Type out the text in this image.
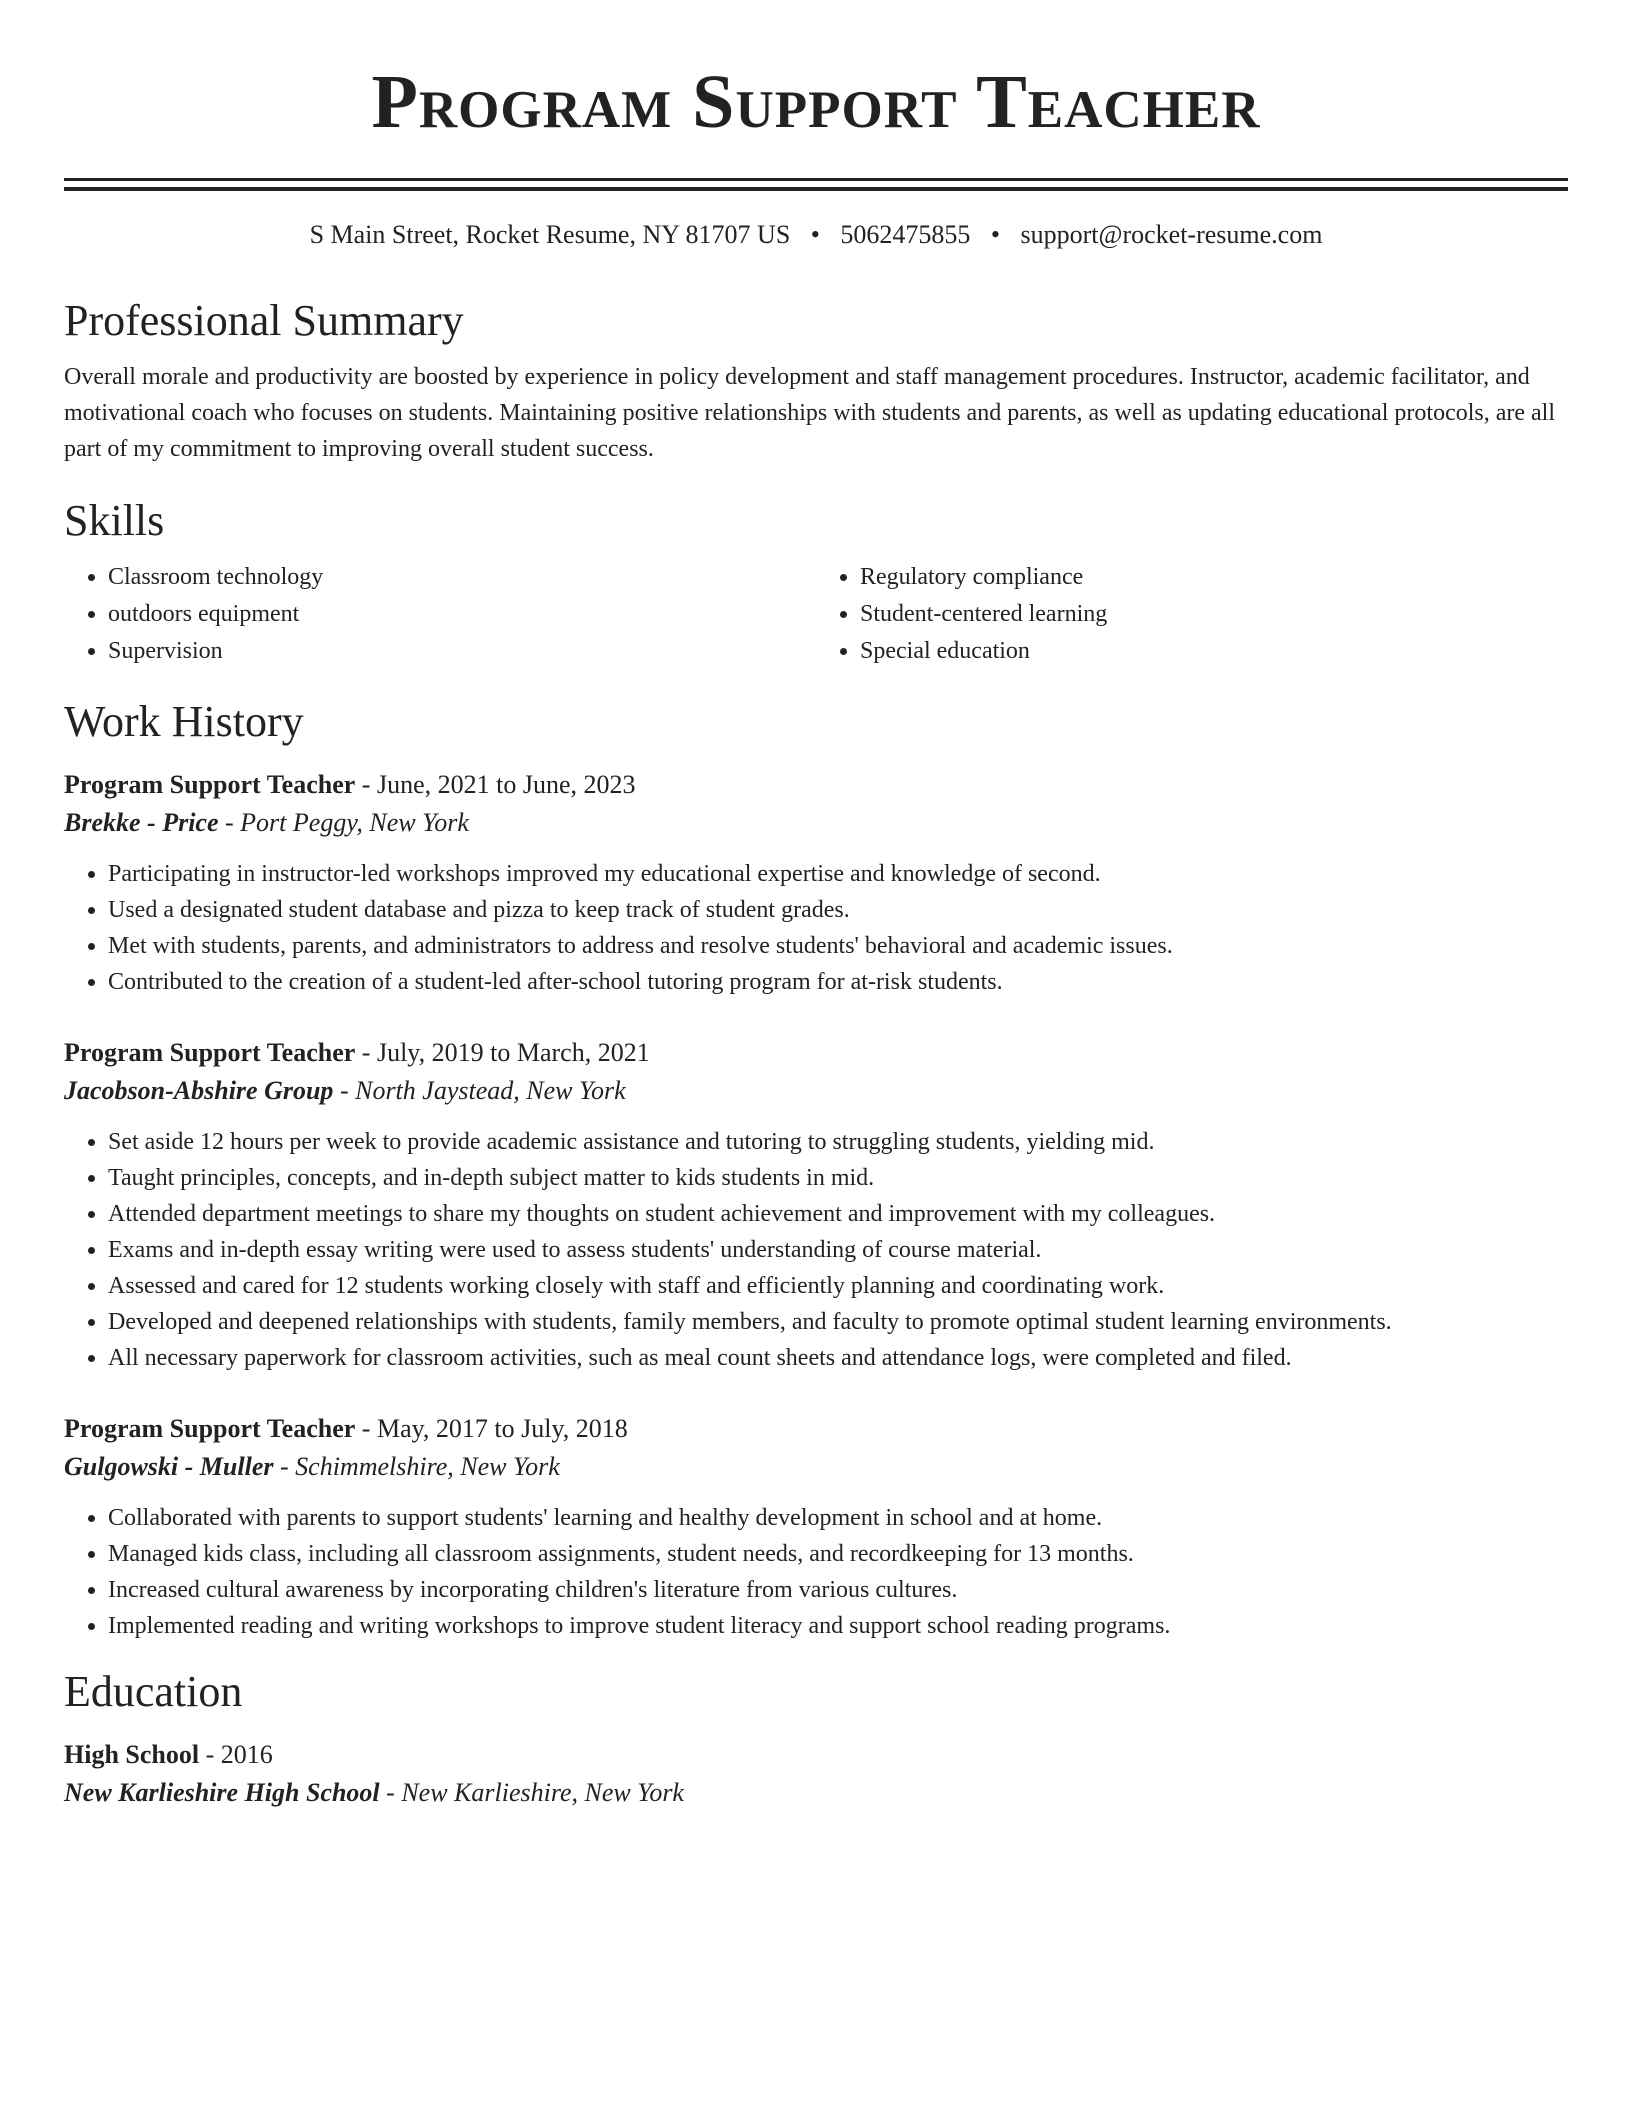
Program Support Teacher
S Main Street, Rocket Resume, NY 81707 US • 5062475855 • support@rocket-resume.com
Professional Summary
Overall morale and productivity are boosted by experience in policy development and staff management procedures. Instructor, academic facilitator, and motivational coach who focuses on students. Maintaining positive relationships with students and parents, as well as updating educational protocols, are all part of my commitment to improving overall student success.
Skills
• Classroom technology
• outdoors equipment
• Supervision
• Regulatory compliance
• Student-centered learning
• Special education
Work History
Program Support Teacher - June, 2021 to June, 2023
Brekke - Price - Port Peggy, New York
• Participating in instructor-led workshops improved my educational expertise and knowledge of second.
• Used a designated student database and pizza to keep track of student grades.
• Met with students, parents, and administrators to address and resolve students' behavioral and academic issues.
• Contributed to the creation of a student-led after-school tutoring program for at-risk students.
Program Support Teacher - July, 2019 to March, 2021
Jacobson-Abshire Group - North Jaystead, New York
• Set aside 12 hours per week to provide academic assistance and tutoring to struggling students, yielding mid.
• Taught principles, concepts, and in-depth subject matter to kids students in mid.
• Attended department meetings to share my thoughts on student achievement and improvement with my colleagues.
• Exams and in-depth essay writing were used to assess students' understanding of course material.
• Assessed and cared for 12 students working closely with staff and efficiently planning and coordinating work.
• Developed and deepened relationships with students, family members, and faculty to promote optimal student learning environments.
• All necessary paperwork for classroom activities, such as meal count sheets and attendance logs, were completed and filed.
Program Support Teacher - May, 2017 to July, 2018
Gulgowski - Muller - Schimmelshire, New York
• Collaborated with parents to support students' learning and healthy development in school and at home.
• Managed kids class, including all classroom assignments, student needs, and recordkeeping for 13 months.
• Increased cultural awareness by incorporating children's literature from various cultures.
• Implemented reading and writing workshops to improve student literacy and support school reading programs.
Education
High School - 2016
New Karlieshire High School - New Karlieshire, New York
